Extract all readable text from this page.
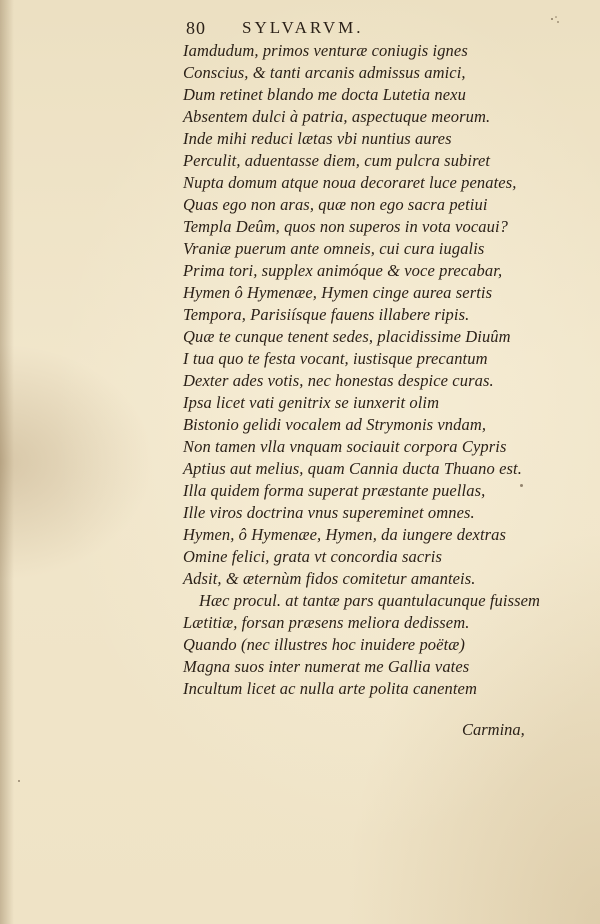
80 SYLVARVM.
Iamdudum, primos venturæ coniugis ignes
Conscius, & tanti arcanis admissus amici,
Dum retinet blando me docta Lutetia nexu
Absentem dulci à patria, aspectuque meorum.
Inde mihi reduci lætas vbi nuntius aures
Perculit, aduentasse diem, cum pulcra subiret
Nupta domum atque noua decoraret luce penates,
Quas ego non aras, quæ non ego sacra petiui
Templa Deûm, quos non superos in vota vocaui?
Vraniæ puerum ante omneis, cui cura iugalis
Prima tori, supplex animóque & voce precabar,
Hymen ô Hymenæe, Hymen cinge aurea sertis
Tempora, Parisiísque fauens illabere ripis.
Quæ te cunque tenent sedes, placidissime Diuûm
I tua quo te festa vocant, iustisque precantum
Dexter ades votis, nec honestas despice curas.
Ipsa licet vati genitrix se iunxerit olim
Bistonio gelidi vocalem ad Strymonis vndam,
Non tamen vlla vnquam sociauit corpora Cypris
Aptius aut melius, quam Cannia ducta Thuano est.
Illa quidem forma superat præstante puellas,
Ille viros doctrina vnus supereminet omnes.
Hymen, ô Hymenæe, Hymen, da iungere dextras
Omine felici, grata vt concordia sacris
Adsit, & æternùm fidos comitetur amanteis.
Hæc procul. at tantæ pars quantulacunque fuissem
Lætitiæ, forsan præsens meliora dedissem.
Quando (nec illustres hoc inuidere poëtæ)
Magna suos inter numerat me Gallia vates
Incultum licet ac nulla arte polita canentem
Carmina,
